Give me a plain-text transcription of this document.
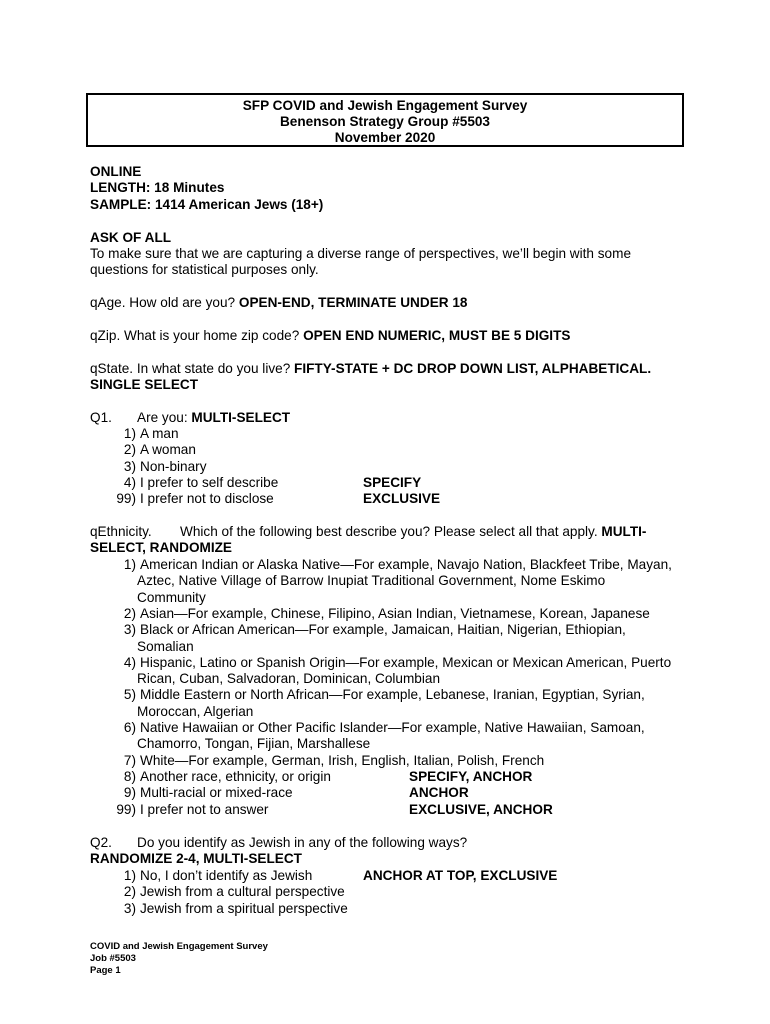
SFP COVID and Jewish Engagement Survey
Benenson Strategy Group #5503
November 2020
ONLINE
LENGTH: 18 Minutes
SAMPLE: 1414 American Jews (18+)
ASK OF ALL
To make sure that we are capturing a diverse range of perspectives, we’ll begin with some
questions for statistical purposes only.
qAge. How old are you? OPEN-END, TERMINATE UNDER 18
qZip. What is your home zip code? OPEN END NUMERIC, MUST BE 5 DIGITS
qState. In what state do you live? FIFTY-STATE + DC DROP DOWN LIST, ALPHABETICAL.
SINGLE SELECT
Q1. Are you: MULTI-SELECT
1) A man
2) A woman
3) Non-binary
4) I prefer to self describe	SPECIFY
99) I prefer not to disclose	EXCLUSIVE
qEthnicity. Which of the following best describe you? Please select all that apply. MULTI-
SELECT, RANDOMIZE
1) American Indian or Alaska Native—For example, Navajo Nation, Blackfeet Tribe, Mayan,
Aztec, Native Village of Barrow Inupiat Traditional Government, Nome Eskimo
Community
2) Asian—For example, Chinese, Filipino, Asian Indian, Vietnamese, Korean, Japanese
3) Black or African American—For example, Jamaican, Haitian, Nigerian, Ethiopian,
Somalian
4) Hispanic, Latino or Spanish Origin—For example, Mexican or Mexican American, Puerto
Rican, Cuban, Salvadoran, Dominican, Columbian
5) Middle Eastern or North African—For example, Lebanese, Iranian, Egyptian, Syrian,
Moroccan, Algerian
6) Native Hawaiian or Other Pacific Islander—For example, Native Hawaiian, Samoan,
Chamorro, Tongan, Fijian, Marshallese
7) White—For example, German, Irish, English, Italian, Polish, French
8) Another race, ethnicity, or origin	SPECIFY, ANCHOR
9) Multi-racial or mixed-race	ANCHOR
99) I prefer not to answer	EXCLUSIVE, ANCHOR
Q2. Do you identify as Jewish in any of the following ways?
RANDOMIZE 2-4, MULTI-SELECT
1) No, I don’t identify as Jewish	ANCHOR AT TOP, EXCLUSIVE
2) Jewish from a cultural perspective
3) Jewish from a spiritual perspective
COVID and Jewish Engagement Survey
Job #5503
Page 1
